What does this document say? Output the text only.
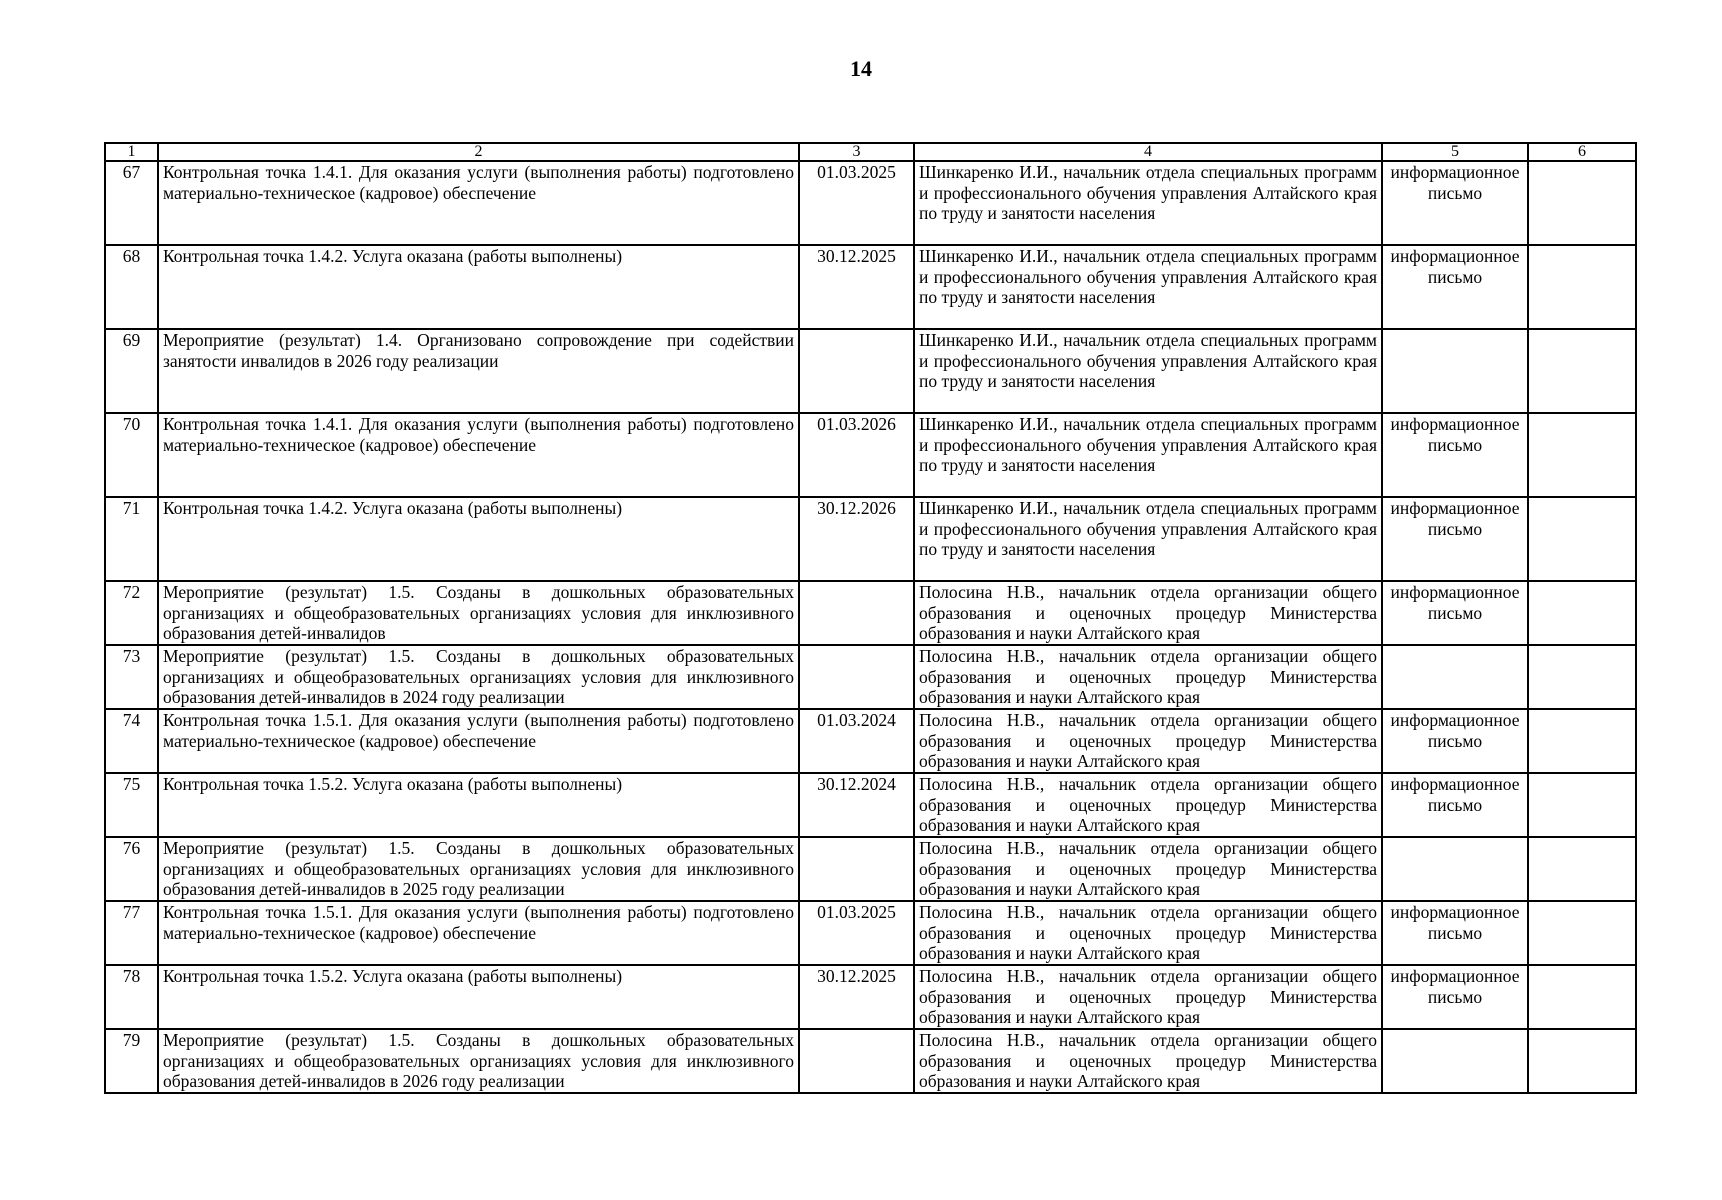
14
1	2	3	4	5	6
67	Контрольная точка 1.4.1. Для оказания услуги (выполнения работы) подготовлено материально-техническое (кадровое) обеспечение	01.03.2025	Шинкаренко И.И., начальник отдела специальных программ и профессионального обучения управления Алтайского края по труду и занятости населения	информационное письмо	
68	Контрольная точка 1.4.2. Услуга оказана (работы выполнены)	30.12.2025	Шинкаренко И.И., начальник отдела специальных программ и профессионального обучения управления Алтайского края по труду и занятости населения	информационное письмо	
69	Мероприятие (результат) 1.4. Организовано сопровождение при содействии занятости инвалидов в 2026 году реализации		Шинкаренко И.И., начальник отдела специальных программ и профессионального обучения управления Алтайского края по труду и занятости населения		
70	Контрольная точка 1.4.1. Для оказания услуги (выполнения работы) подготовлено материально-техническое (кадровое) обеспечение	01.03.2026	Шинкаренко И.И., начальник отдела специальных программ и профессионального обучения управления Алтайского края по труду и занятости населения	информационное письмо	
71	Контрольная точка 1.4.2. Услуга оказана (работы выполнены)	30.12.2026	Шинкаренко И.И., начальник отдела специальных программ и профессионального обучения управления Алтайского края по труду и занятости населения	информационное письмо	
72	Мероприятие (результат) 1.5. Созданы в дошкольных образовательных организациях и общеобразовательных организациях условия для инклюзивного образования детей-инвалидов		Полосина Н.В., начальник отдела организации общего образования и оценочных процедур Министерства образования и науки Алтайского края	информационное письмо	
73	Мероприятие (результат) 1.5. Созданы в дошкольных образовательных организациях и общеобразовательных организациях условия для инклюзивного образования детей-инвалидов в 2024 году реализации		Полосина Н.В., начальник отдела организации общего образования и оценочных процедур Министерства образования и науки Алтайского края		
74	Контрольная точка 1.5.1. Для оказания услуги (выполнения работы) подготовлено материально-техническое (кадровое) обеспечение	01.03.2024	Полосина Н.В., начальник отдела организации общего образования и оценочных процедур Министерства образования и науки Алтайского края	информационное письмо	
75	Контрольная точка 1.5.2. Услуга оказана (работы выполнены)	30.12.2024	Полосина Н.В., начальник отдела организации общего образования и оценочных процедур Министерства образования и науки Алтайского края	информационное письмо	
76	Мероприятие (результат) 1.5. Созданы в дошкольных образовательных организациях и общеобразовательных организациях условия для инклюзивного образования детей-инвалидов в 2025 году реализации		Полосина Н.В., начальник отдела организации общего образования и оценочных процедур Министерства образования и науки Алтайского края		
77	Контрольная точка 1.5.1. Для оказания услуги (выполнения работы) подготовлено материально-техническое (кадровое) обеспечение	01.03.2025	Полосина Н.В., начальник отдела организации общего образования и оценочных процедур Министерства образования и науки Алтайского края	информационное письмо	
78	Контрольная точка 1.5.2. Услуга оказана (работы выполнены)	30.12.2025	Полосина Н.В., начальник отдела организации общего образования и оценочных процедур Министерства образования и науки Алтайского края	информационное письмо	
79	Мероприятие (результат) 1.5. Созданы в дошкольных образовательных организациях и общеобразовательных организациях условия для инклюзивного образования детей-инвалидов в 2026 году реализации		Полосина Н.В., начальник отдела организации общего образования и оценочных процедур Министерства образования и науки Алтайского края		
